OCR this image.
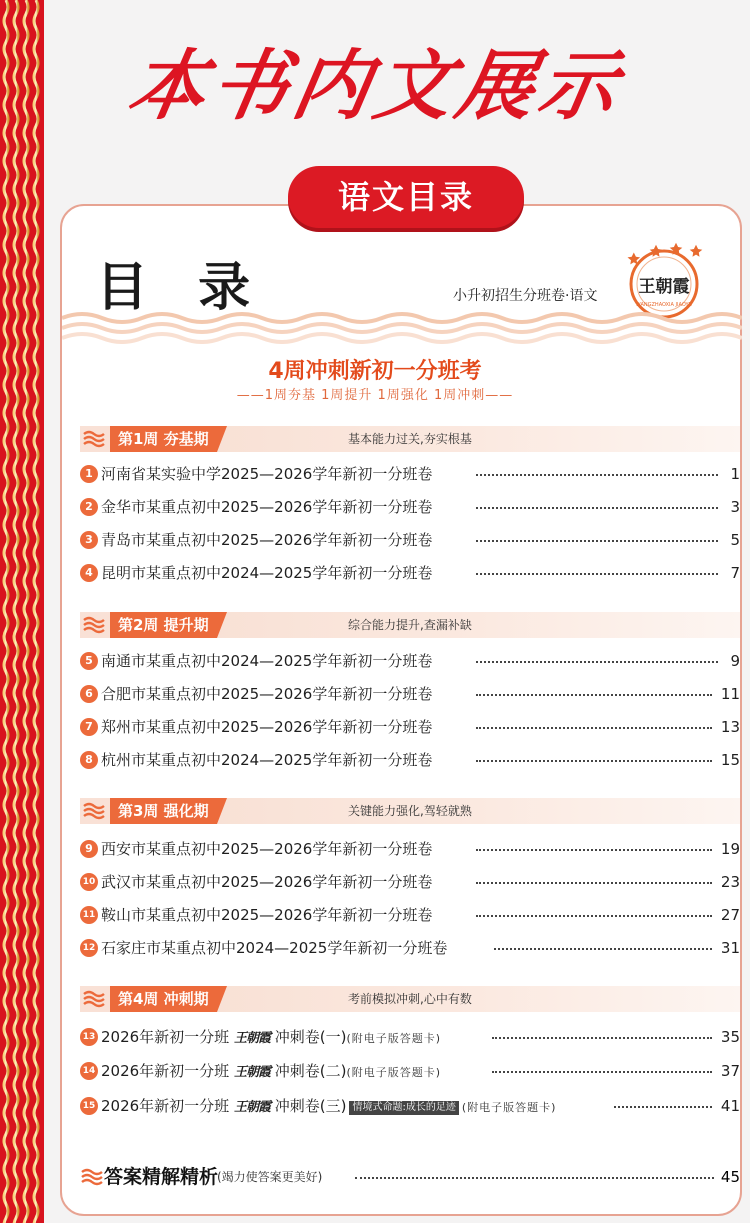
本书内文展示
语文目录
目 录	小升初招生分班卷·语文 王朝霞
WANGZHAOXIA JIAOYU
4周冲刺新初一分班考
——1周夯基 1周提升 1周强化 1周冲刺——
第1周 夯基期	基本能力过关,夯实根基
第2周 提升期	综合能力提升,查漏补缺
第3周 强化期	关键能力强化,驾轻就熟
第4周 冲刺期	考前模拟冲刺,心中有数
1 河南省某实验中学2025—2026学年新初一分班卷	1
2 金华市某重点初中2025—2026学年新初一分班卷	3
3 青岛市某重点初中2025—2026学年新初一分班卷	5
4 昆明市某重点初中2024—2025学年新初一分班卷	7
5 南通市某重点初中2024—2025学年新初一分班卷	9
6 合肥市某重点初中2025—2026学年新初一分班卷	11
7 郑州市某重点初中2025—2026学年新初一分班卷	13
8 杭州市某重点初中2024—2025学年新初一分班卷	15
9 西安市某重点初中2025—2026学年新初一分班卷	19
10 武汉市某重点初中2025—2026学年新初一分班卷	23
11 鞍山市某重点初中2025—2026学年新初一分班卷	27
12 石家庄市某重点初中2024—2025学年新初一分班卷	31
13 2026年新初一分班 王朝霞 冲刺卷(一)(附电子版答题卡)	35
14 2026年新初一分班 王朝霞 冲刺卷(二)(附电子版答题卡)	37
15 2026年新初一分班 王朝霞 冲刺卷(三) 情境式命题:成长的足迹 (附电子版答题卡)	41
答案精解精析
(竭力使答案更美好)	45
